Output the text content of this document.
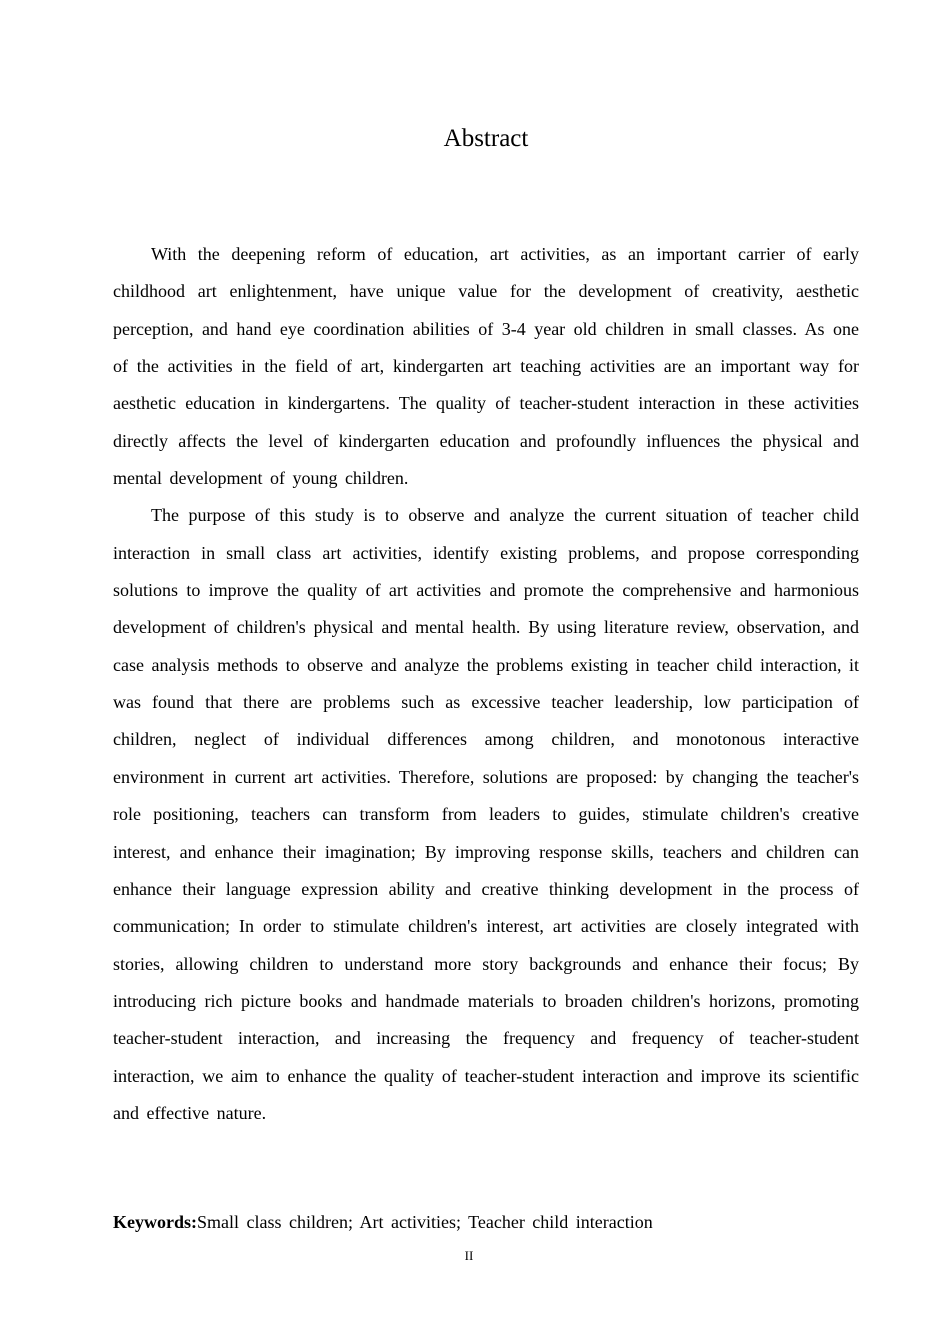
Abstract

With the deepening reform of education, art activities, as an important carrier of early childhood art enlightenment, have unique value for the development of creativity, aesthetic perception, and hand eye coordination abilities of 3-4 year old children in small classes. As one of the activities in the field of art, kindergarten art teaching activities are an important way for aesthetic education in kindergartens. The quality of teacher-student interaction in these activities directly affects the level of kindergarten education and profoundly influences the physical and mental development of young children.

The purpose of this study is to observe and analyze the current situation of teacher child interaction in small class art activities, identify existing problems, and propose corresponding solutions to improve the quality of art activities and promote the comprehensive and harmonious development of children's physical and mental health. By using literature review, observation, and case analysis methods to observe and analyze the problems existing in teacher child interaction, it was found that there are problems such as excessive teacher leadership, low participation of children, neglect of individual differences among children, and monotonous interactive environment in current art activities. Therefore, solutions are proposed: by changing the teacher's role positioning, teachers can transform from leaders to guides, stimulate children's creative interest, and enhance their imagination; By improving response skills, teachers and children can enhance their language expression ability and creative thinking development in the process of communication; In order to stimulate children's interest, art activities are closely integrated with stories, allowing children to understand more story backgrounds and enhance their focus; By introducing rich picture books and handmade materials to broaden children's horizons, promoting teacher-student interaction, and increasing the frequency and frequency of teacher-student interaction, we aim to enhance the quality of teacher-student interaction and improve its scientific and effective nature.

Keywords:Small class children; Art activities; Teacher child interaction

II
